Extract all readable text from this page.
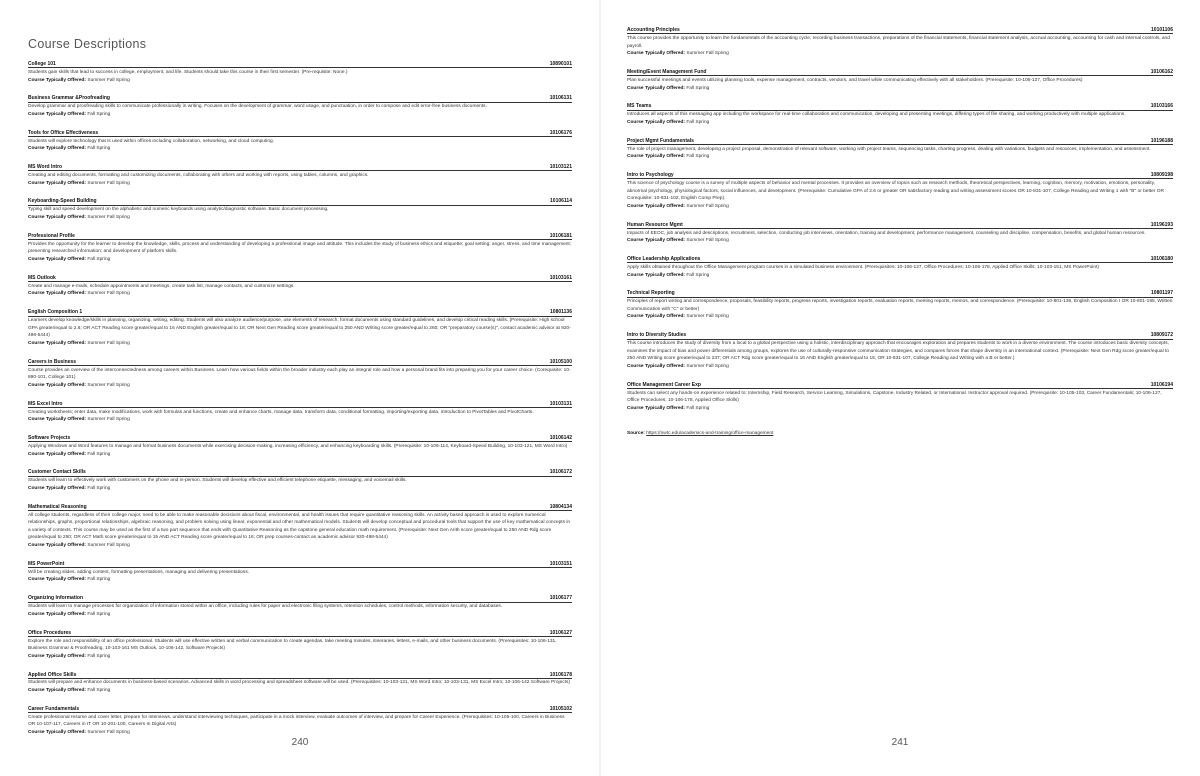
Course Descriptions
College 101	10890101
Students gain skills that lead to success in college, employment, and life. Students should take this course in their first semester. (Pre-requisite: None.)
Course Typically Offered: Summer Fall Spring
Business Grammar &Proofreading	10106131
Develop grammar and proofreading skills to communicate professionally in writing. Focuses on the development of grammar, word usage, and punctuation, in order to compose and edit error-free business documents.
Course Typically Offered: Fall Spring
Tools for Office Effectiveness	10106176
Students will explore technology that is used within offices including collaboration, networking, and cloud computing.
Course Typically Offered: Fall Spring
MS Word Intro	10103121
Creating and editing documents, formatting and customizing documents, collaborating with others and working with reports, using tables, columns, and graphics.
Course Typically Offered: Summer Fall Spring
Keyboarding-Speed Building	10106114
Typing skill and speed development on the alphabetic and numeric keyboards using analytic/diagnostic software. Basic document processing.
Course Typically Offered: Summer Fall Spring
Professional Profile	10106181
Provides the opportunity for the learner to develop the knowledge, skills, process and understanding of developing a professional image and attitude. This includes the study of business ethics and etiquette; goal setting; anger, stress, and time management; presenting researched information; and development of platform skills.
Course Typically Offered: Fall Spring
MS Outlook	10103161
Create and manage e-mails, schedule appointments and meetings, create task list, manage contacts, and customize settings.
Course Typically Offered: Summer Fall Spring
English Composition 1	10801136
Learners develop knowledge/skills in planning, organizing, writing, editing. Students will also analyze audience/purpose, use elements of research, format documents using standard guidelines, and develop critical reading skills. (Prerequisite: High school GPA greater/equal to 2.6; OR ACT Reading score greater/equal to 16 AND English greater/equal to 18; OR Next Gen Reading score greater/equal to 250 AND Writing score greater/equal to 260; OR "preparatory course(s)", contact academic advisor at 920-498-5444)
Course Typically Offered: Summer Fall Spring
Careers in Business	10105100
Course provides an overview of the interconnectedness among careers within Business. Learn how various fields within the broader industry each play an integral role and how a personal brand fits into preparing you for your career choice. (Corequisite: 10-890-101, College 101)
Course Typically Offered: Summer Fall Spring
MS Excel Intro	10103131
Creating worksheets; enter data, make modifications, work with formulas and functions, create and enhance charts, manage data, transform data, conditional formatting, importing/exporting data, introduction to PivotTables and PivotCharts.
Course Typically Offered: Summer Fall Spring
Software Projects	10106142
Applying Windows and Word features to manage and format business documents while exercising decision-making, increasing efficiency, and enhancing keyboarding skills. (Prerequisite: 10-106-114, Keyboard-Speed Building, 10-103-121, MS Word Intro)
Course Typically Offered: Fall Spring
Customer Contact Skills	10106172
Students will learn to effectively work with customers on the phone and in-person. Students will develop effective and efficient telephone etiquette, messaging, and voicemail skills.
Course Typically Offered: Fall Spring
Mathematical Reasoning	10804134
All college students, regardless of their college major, need to be able to make reasonable decisions about fiscal, environmental, and health issues that require quantitative reasoning skills. An activity based approach is used to explore numerical relationships, graphs, proportional relationships, algebraic reasoning, and problem solving using linear, exponential and other mathematical models. Students will develop conceptual and procedural tools that support the use of key mathematical concepts in a variety of contexts. This course may be used as the first of a two part sequence that ends with Quantitative Reasoning as the capstone general education math requirement. (Prerequisite: Next Gen Arith score greater/equal to 250 AND Rdg score greater/equal to 250; OR ACT Math score greater/equal to 15 AND ACT Reading score greater/equal to 16; OR prep courses-contact an academic advisor 920-498-5444)
Course Typically Offered: Summer Fall Spring
MS PowerPoint	10103151
Will be creating slides, adding content, formatting presentations, managing and delivering presentations.
Course Typically Offered: Fall Spring
Organizing Information	10106177
Students will learn to manage processes for organization of information stored within an office, including rules for paper and electronic filing systems, retention schedules, control methods, information security, and databases.
Course Typically Offered: Fall Spring
Office Procedures	10106127
Explore the role and responsibility of an office professional. Students will use effective written and verbal communication to create agendas, take meeting minutes, itineraries, letters, e-mails, and other business documents. (Prerequisites: 10-106-131, Business Grammar & Proofreading, 10-103-161 MS Outlook, 10-106-142, Software Projects)
Course Typically Offered: Fall Spring
Applied Office Skills	10106178
Students will prepare and enhance documents in business-based scenarios. Advanced skills in word processing and spreadsheet software will be used. (Prerequisites: 10-103-121, MS Word Intro; 10-103-131, MS Excel Intro; 10-106-142 Software Projects)
Course Typically Offered: Fall Spring
Career Fundamentals	10105102
Create professional resume and cover letter, prepare for interviews, understand interviewing techniques, participate in a mock interview, evaluate outcomes of interview, and prepare for Career Experience. (Prerequisites: 10-105-100, Careers in Business OR 10-107-117, Careers in IT OR 10-201-100, Careers In Digital Arts)
Course Typically Offered: Summer Fall Spring
240
Accounting Principles	10101106
This course provides the opportunity to learn the fundamentals of the accounting cycle, recording business transactions, preparations of the financial statements, financial statement analysis, accrual accounting, accounting for cash and internal controls, and payroll.
Course Typically Offered: Summer Fall Spring
Meeting/Event Management Fund	10106162
Plan successful meetings and events utilizing planning tools, expense management, contracts, vendors, and travel while communicating effectively with all stakeholders. (Prerequisite: 10-106-127, Office Procedures)
Course Typically Offered: Fall Spring
MS Teams	10103166
Introduces all aspects of this messaging app including the workspace for real-time collaboration and communication, developing and presenting meetings, differing types of file sharing, and working productively with multiple applications.
Course Typically Offered: Fall Spring
Project Mgmt Fundamentals	10196188
The role of project management, developing a project proposal, demonstration of relevant software, working with project teams, sequencing tasks, charting progress, dealing with variations, budgets and resources, implementation, and assessment.
Course Typically Offered: Fall Spring
Intro to Psychology	10809198
This science of psychology course is a survey of multiple aspects of behavior and mental processes. It provides an overview of topics such as research methods, theoretical perspectives, learning, cognition, memory, motivation, emotions, personality, abnormal psychology, physiological factors, social influences, and development. (Prerequisite: Cumulative GPA of 2.6 or greater OR satisfactory reading and writing assessment scores OR 10-831-107, College Reading and Writing 1 with "B" or better OR Corequisite: 10-831-102, English Comp Prep).
Course Typically Offered: Summer Fall Spring
Human Resource Mgmt	10196193
Impacts of EEOC, job analysis and descriptions, recruitment, selection, conducting job interviews, orientation, training and development, performance management, counseling and discipline, compensation, benefits, and global human resources.
Course Typically Offered: Summer Fall Spring
Office Leadership Applications	10106180
Apply skills obtained throughout the Office Management program courses in a simulated business environment. (Prerequisites: 10-106-127, Office Procedures; 10-106-178, Applied Office Skills; 10-103-151, MS PowerPoint)
Course Typically Offered: Fall Spring
Technical Reporting	10801197
Principles of report writing and correspondence, proposals, feasibility reports, progress reports, investigation reports, evaluation reports, meeting reports, memos, and correspondence. (Prerequisite: 10-801-136, English Composition I OR 10-801-195, Written Communication with "C" or better)
Course Typically Offered: Summer Fall Spring
Intro to Diversity Studies	10809172
This course introduces the study of diversity from a local to a global perspective using a holistic, interdisciplinary approach that encourages exploration and prepares students to work in a diverse environment. The course introduces basic diversity concepts, examines the impact of bias and power differentials among groups, explores the use of culturally-responsive communication strategies, and compares forces that shape diversity in an international context. (Prerequisite: Next Gen Rdg score greater/equal to 250 AND Writing score greater/equal to 237; OR ACT Rdg score greater/equal to 16 AND English greater/equal to 15; OR 10-831-107, College Reading and Writing with a B or better.)
Course Typically Offered: Summer Fall Spring
Office Management Career Exp	10106194
Students can select any hands-on experience related to: Internship, Field Research, Service Learning, Simulations, Capstone, Industry Related, or International. Instructor approval required. (Prerequisite: 10-105-103, Career Fundamentals; 10-106-127, Office Procedures; 10-106-178, Applied Office Skills)
Course Typically Offered: Fall Spring
Source: https://nwtc.edu/academics-and-training/office-management
241
